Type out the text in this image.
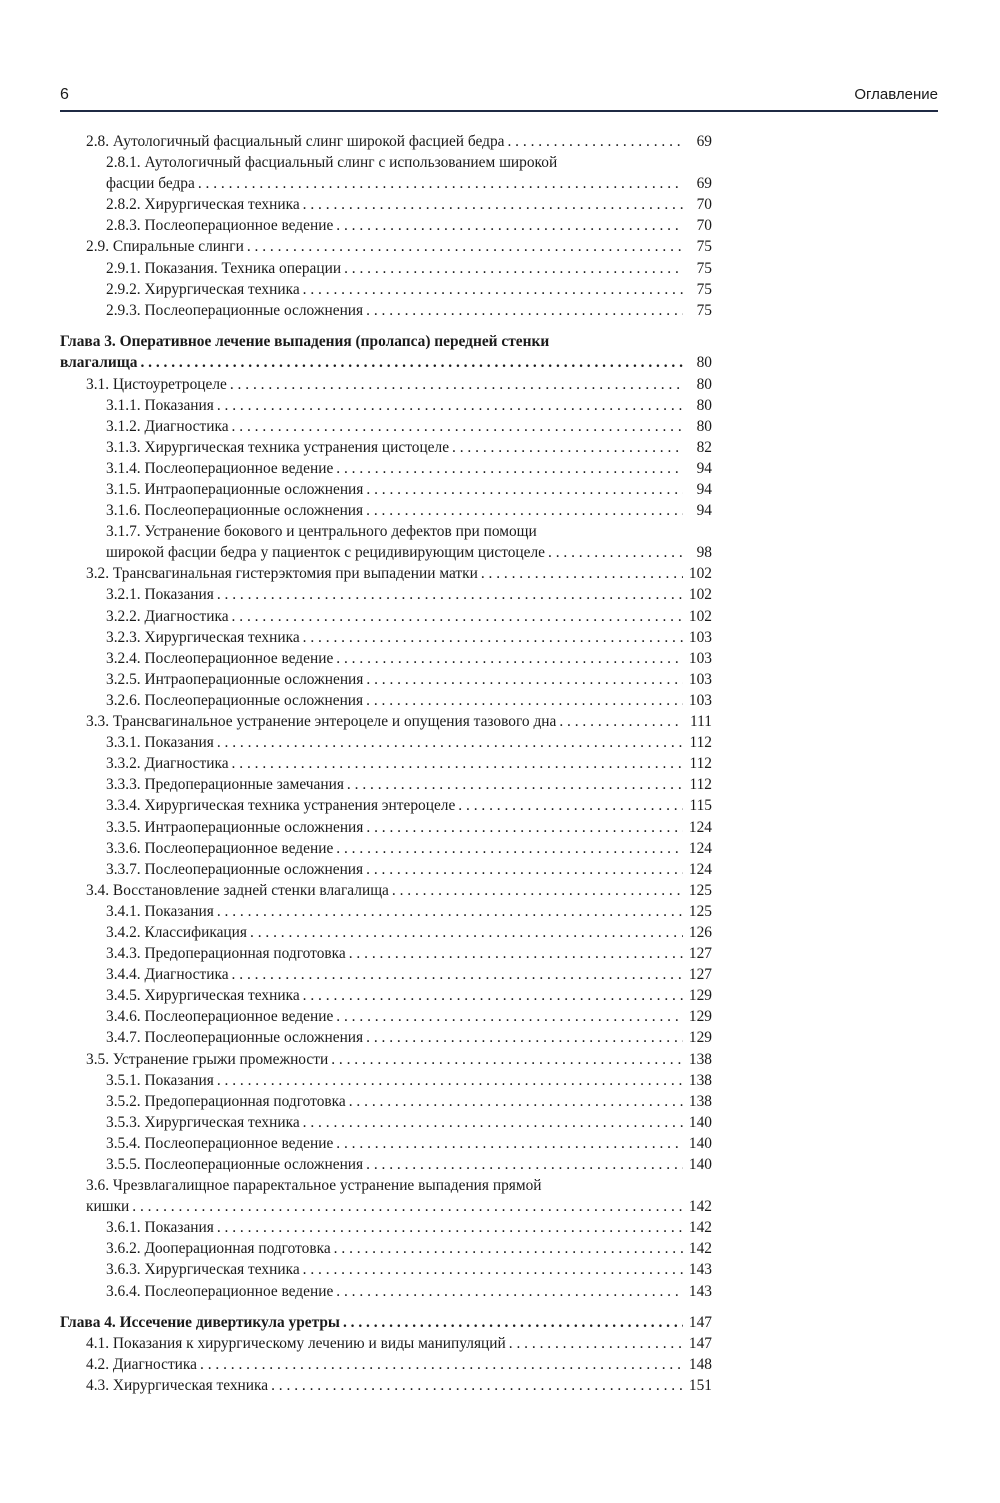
6	Оглавление
2.8. Аутологичный фасциальный слинг широкой фасцией бедра . . .	69
2.8.1. Аутологичный фасциальный слинг с использованием широкой
фасции бедра . . .	69
2.8.2. Хирургическая техника . . .	70
2.8.3. Послеоперационное ведение . . .	70
2.9. Спиральные слинги . . .	75
2.9.1. Показания. Техника операции . . .	75
2.9.2. Хирургическая техника . . .	75
2.9.3. Послеоперационные осложнения . . .	75
Глава 3. Оперативное лечение выпадения (пролапса) передней стенки
влагалища . . .	80
3.1. Цистоуретроцеле . . .	80
3.1.1. Показания . . .	80
3.1.2. Диагностика . . .	80
3.1.3. Хирургическая техника устранения цистоцеле . . .	82
3.1.4. Послеоперационное ведение . . .	94
3.1.5. Интраоперационные осложнения . . .	94
3.1.6. Послеоперационные осложнения . . .	94
3.1.7. Устранение бокового и центрального дефектов при помощи
широкой фасции бедра у пациенток с рецидивирующим цистоцеле . . .	98
3.2. Трансвагинальная гистерэктомия при выпадении матки . . .	102
3.2.1. Показания . . .	102
3.2.2. Диагностика . . .	102
3.2.3. Хирургическая техника . . .	103
3.2.4. Послеоперационное ведение . . .	103
3.2.5. Интраоперационные осложнения . . .	103
3.2.6. Послеоперационные осложнения . . .	103
3.3. Трансвагинальное устранение энтероцеле и опущения тазового дна . . .	111
3.3.1. Показания . . .	112
3.3.2. Диагностика . . .	112
3.3.3. Предоперационные замечания . . .	112
3.3.4. Хирургическая техника устранения энтероцеле . . .	115
3.3.5. Интраоперационные осложнения . . .	124
3.3.6. Послеоперационное ведение . . .	124
3.3.7. Послеоперационные осложнения . . .	124
3.4. Восстановление задней стенки влагалища . . .	125
3.4.1. Показания . . .	125
3.4.2. Классификация . . .	126
3.4.3. Предоперационная подготовка . . .	127
3.4.4. Диагностика . . .	127
3.4.5. Хирургическая техника . . .	129
3.4.6. Послеоперационное ведение . . .	129
3.4.7. Послеоперационные осложнения . . .	129
3.5. Устранение грыжи промежности . . .	138
3.5.1. Показания . . .	138
3.5.2. Предоперационная подготовка . . .	138
3.5.3. Хирургическая техника . . .	140
3.5.4. Послеоперационное ведение . . .	140
3.5.5. Послеоперационные осложнения . . .	140
3.6. Чрезвлагалищное параректальное устранение выпадения прямой
кишки . . .	142
3.6.1. Показания . . .	142
3.6.2. Дооперационная подготовка . . .	142
3.6.3. Хирургическая техника . . .	143
3.6.4. Послеоперационное ведение . . .	143
Глава 4. Иссечение дивертикула уретры . . .	147
4.1. Показания к хирургическому лечению и виды манипуляций . . .	147
4.2. Диагностика . . .	148
4.3. Хирургическая техника . . .	151
